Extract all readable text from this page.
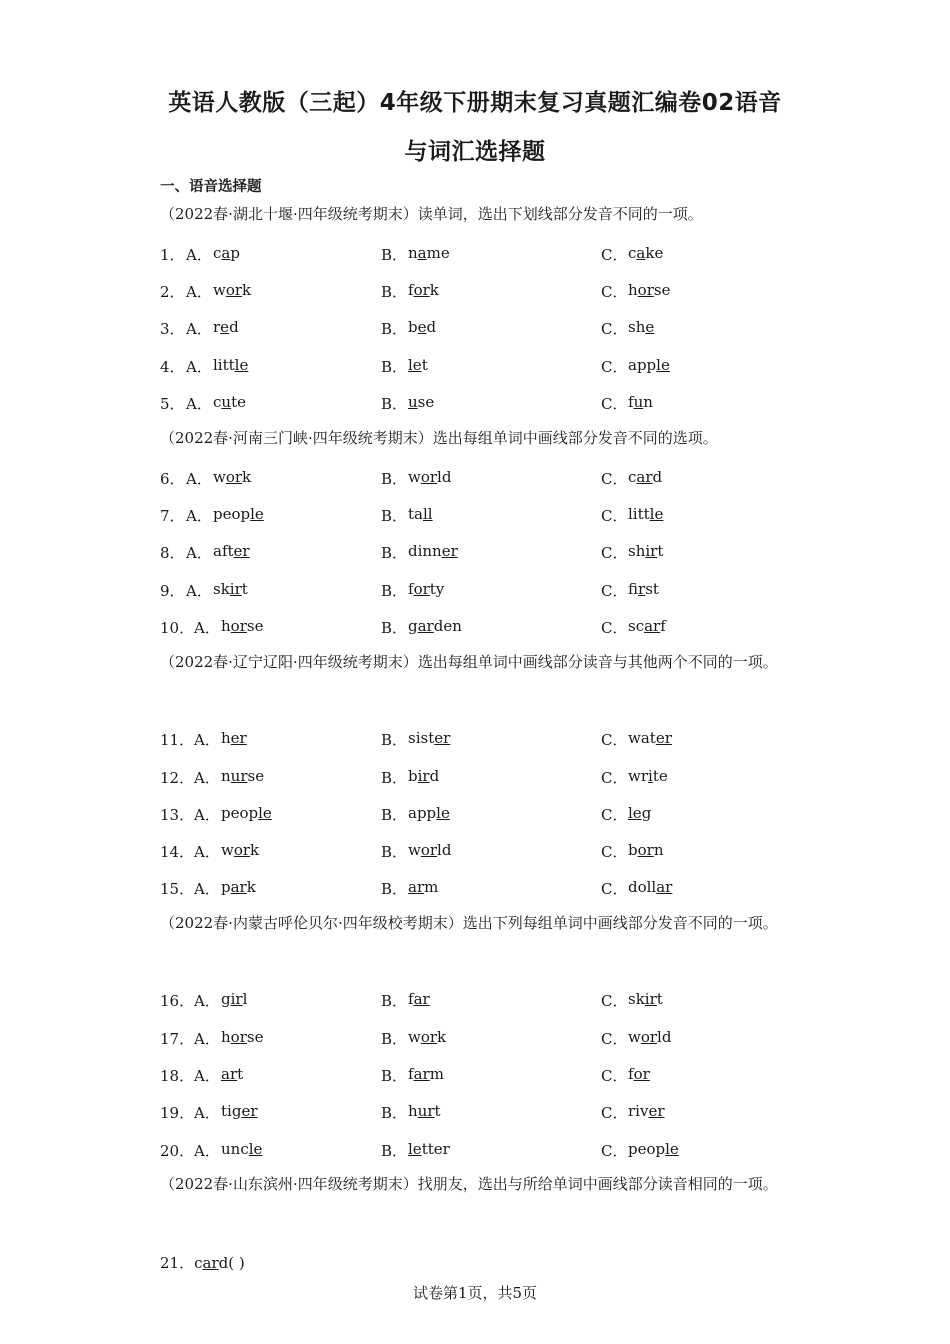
英语人教版（三起）4年级下册期末复习真题汇编卷02语音
与词汇选择题
一、语音选择题
（2022春·湖北十堰·四年级统考期末）读单词，选出下划线部分发音不同的一项。
（2022春·河南三门峡·四年级统考期末）选出每组单词中画线部分发音不同的选项。
（2022春·辽宁辽阳·四年级统考期末）选出每组单词中画线部分读音与其他两个不同的一项。
（2022春·内蒙古呼伦贝尔·四年级校考期末）选出下列每组单词中画线部分发音不同的一项。
（2022春·山东滨州·四年级统考期末）找朋友，选出与所给单词中画线部分读音相同的一项。
1． A． cap	B． name	C． cake
2． A． work	B． fork	C． horse
3． A． red	B． bed	C． she
4． A． little	B． let	C． apple
5． A． cute	B． use	C． fun
6． A． work	B． world	C． card
7． A． people	B． tall	C． little
8． A． after	B． dinner	C． shirt
9． A． skirt	B． forty	C． first
10． A． horse	B． garden	C． scarf
11． A． her	B． sister	C． water
12． A． nurse	B． bird	C． write
13． A． people	B． apple	C． leg
14． A． work	B． world	C． born
15． A． park	B． arm	C． dollar
16． A． girl	B． far	C． skirt
17． A． horse	B． work	C． world
18． A． art	B． farm	C． for
19． A． tiger	B． hurt	C． river
20． A． uncle	B． letter	C． people
21．card( )
试卷第1页，共5页
